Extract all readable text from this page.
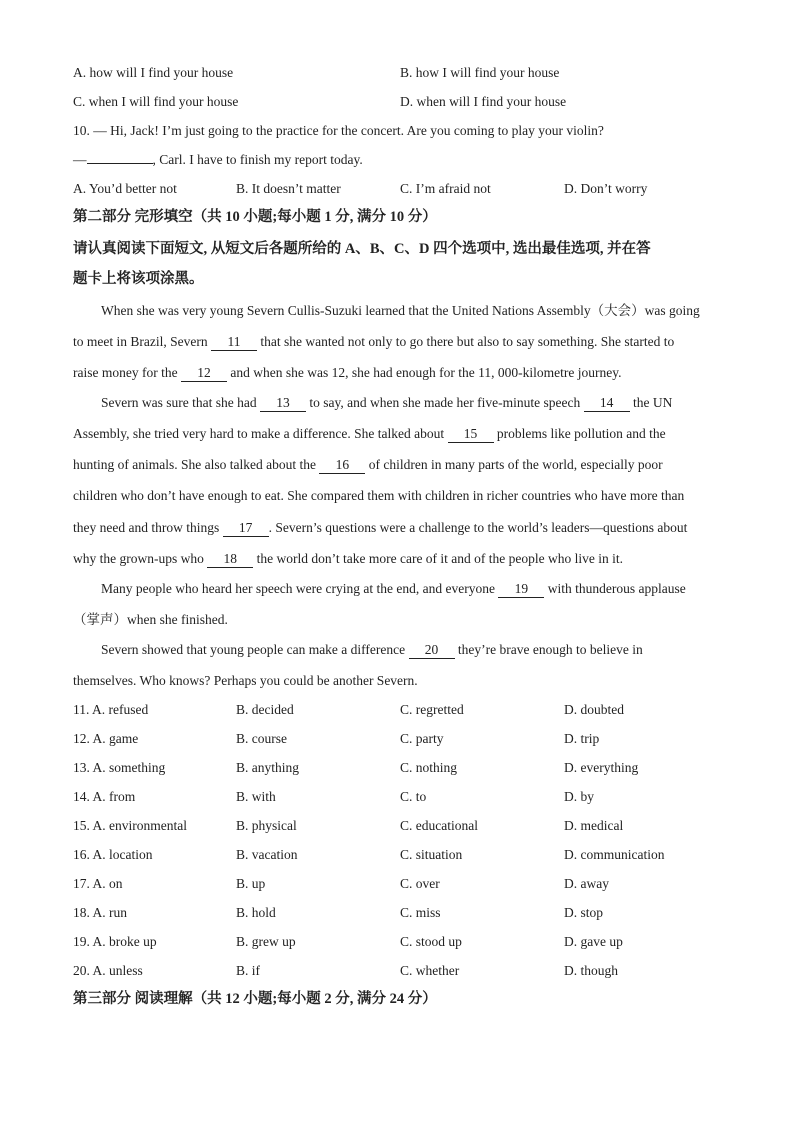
A. how will I find your house	B. how I will find your house
C. when I will find your house	D. when will I find your house
10. — Hi, Jack! I’m just going to the practice for the concert. Are you coming to play your violin?
—	, Carl. I have to finish my report today.
A. You’d better not	B. It doesn’t matter	C. I’m afraid not	D. Don’t worry
第二部分 完形填空（共 10 小题;每小题 1 分, 满分 10 分）
请认真阅读下面短文, 从短文后各题所给的 A、B、C、D 四个选项中, 选出最佳选项, 并在答
题卡上将该项涂黑。
When she was very young Severn Cullis-Suzuki learned that the United Nations Assembly（大会）was going
to meet in Brazil, Severn 11 that she wanted not only to go there but also to say something. She started to
raise money for the 12 and when she was 12, she had enough for the 11, 000-kilometre journey.
Severn was sure that she had 13 to say, and when she made her five-minute speech 14 the UN
Assembly, she tried very hard to make a difference. She talked about 15 problems like pollution and the
hunting of animals. She also talked about the 16 of children in many parts of the world, especially poor
children who don’t have enough to eat. She compared them with children in richer countries who have more than
they need and throw things 17 . Severn’s questions were a challenge to the world’s leaders—questions about
why the grown-ups who 18 the world don’t take more care of it and of the people who live in it.
Many people who heard her speech were crying at the end, and everyone 19 with thunderous applause
（掌声）when she finished.
Severn showed that young people can make a difference 20 they’re brave enough to believe in
themselves. Who knows? Perhaps you could be another Severn.
11. A. refused	B. decided	C. regretted	D. doubted
12. A. game	B. course	C. party	D. trip
13. A. something	B. anything	C. nothing	D. everything
14. A. from	B. with	C. to	D. by
15. A. environmental	B. physical	C. educational	D. medical
16. A. location	B. vacation	C. situation	D. communication
17. A. on	B. up	C. over	D. away
18. A. run	B. hold	C. miss	D. stop
19. A. broke up	B. grew up	C. stood up	D. gave up
20. A. unless	B. if	C. whether	D. though
第三部分 阅读理解（共 12 小题;每小题 2 分, 满分 24 分）
